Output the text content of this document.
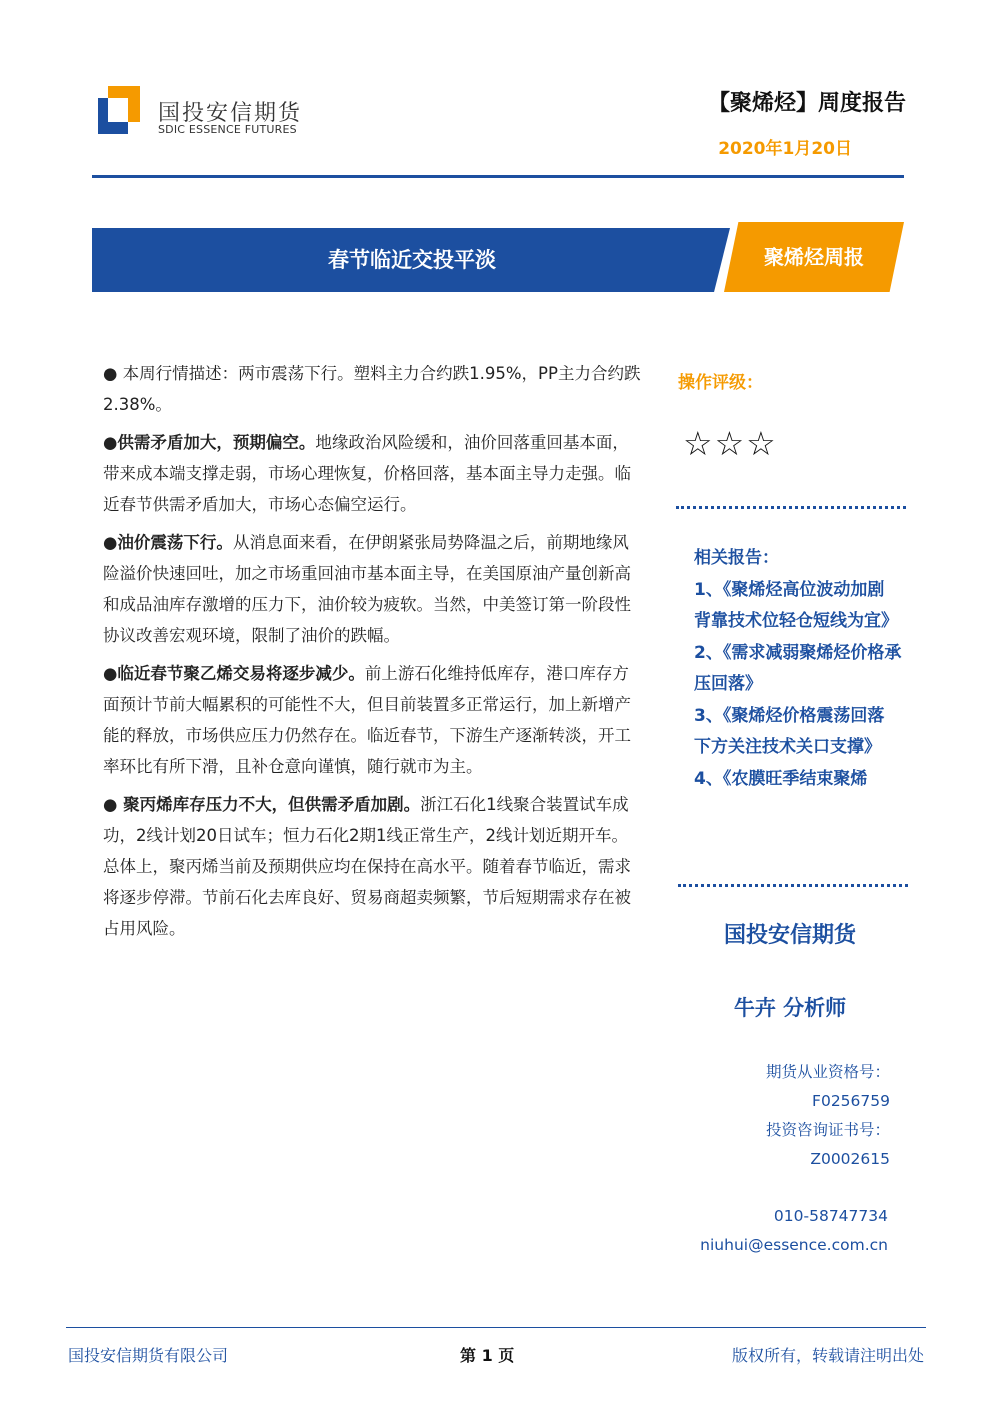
国投安信期货
SDIC ESSENCE FUTURES
【聚烯烃】周度报告
2020年1月20日
春节临近交投平淡	聚烯烃周报

● 本周行情描述：两市震荡下行。塑料主力合约跌1.95%，PP主力合约跌2.38%。

●供需矛盾加大，预期偏空。地缘政治风险缓和，油价回落重回基本面，带来成本端支撑走弱，市场心理恢复，价格回落，基本面主导力走强。临近春节供需矛盾加大，市场心态偏空运行。

●油价震荡下行。从消息面来看，在伊朗紧张局势降温之后，前期地缘风险溢价快速回吐，加之市场重回油市基本面主导，在美国原油产量创新高和成品油库存激增的压力下，油价较为疲软。当然，中美签订第一阶段性协议改善宏观环境，限制了油价的跌幅。

●临近春节聚乙烯交易将逐步减少。前上游石化维持低库存，港口库存方面预计节前大幅累积的可能性不大，但目前装置多正常运行，加上新增产能的释放，市场供应压力仍然存在。临近春节，下游生产逐渐转淡，开工率环比有所下滑，且补仓意向谨慎，随行就市为主。

● 聚丙烯库存压力不大，但供需矛盾加剧。浙江石化1线聚合装置试车成功，2线计划20日试车；恒力石化2期1线正常生产，2线计划近期开车。总体上，聚丙烯当前及预期供应均在保持在高水平。随着春节临近，需求将逐步停滞。节前石化去库良好、贸易商超卖频繁，节后短期需求存在被占用风险。

操作评级：
☆☆☆
相关报告：
1、《聚烯烃高位波动加剧 背靠技术位轻仓短线为宜》
2、《需求减弱聚烯烃价格承压回落》
3、《聚烯烃价格震荡回落 下方关注技术关口支撑》
4、《农膜旺季结束聚烯
国投安信期货
牛卉 分析师
期货从业资格号：
F0256759
投资咨询证书号：
Z0002615
010-58747734
niuhui@essence.com.cn
国投安信期货有限公司	第 1 页	版权所有，转载请注明出处
